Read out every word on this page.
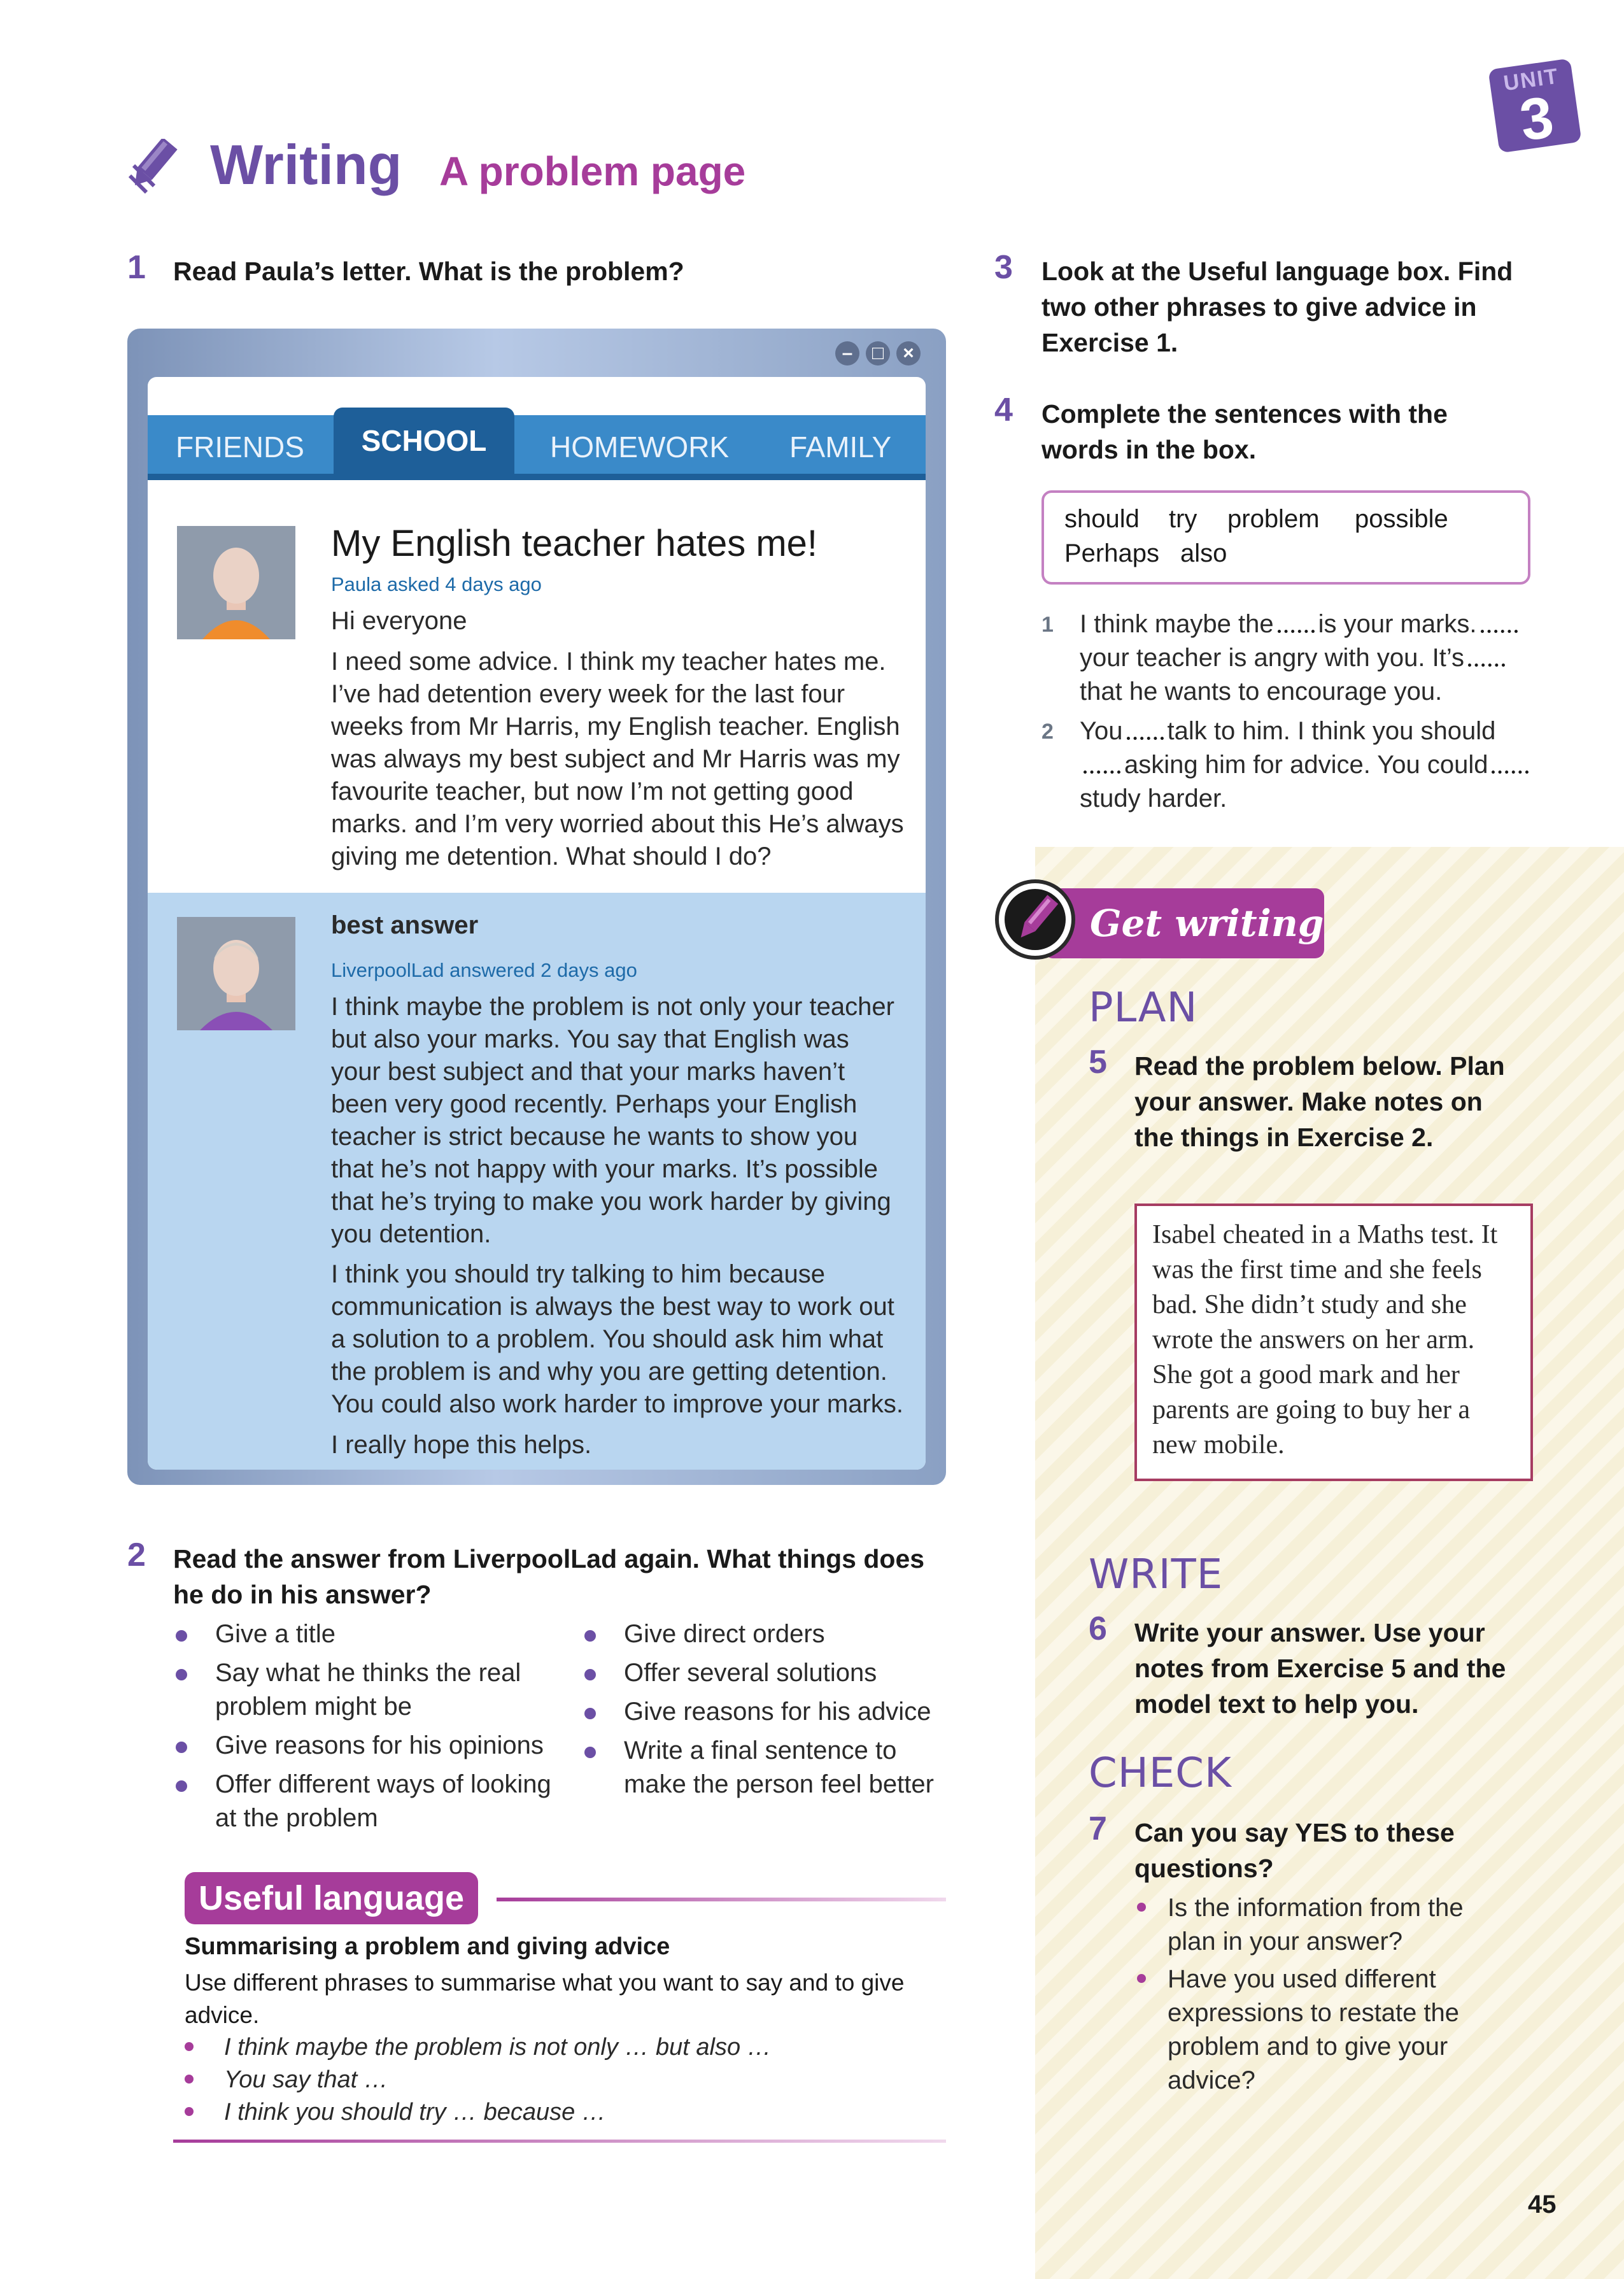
UNIT
3
Writing A problem page
1 Read Paula’s letter. What is the problem?
–	□	×
FRIENDS	SCHOOL	HOMEWORK FAMILY
My English teacher hates me!
Paula asked 4 days ago
Hi everyone
I need some advice. I think my teacher hates me. I’ve had detention every week for the last four weeks from Mr Harris, my English teacher. English was always my best subject and Mr Harris was my favourite teacher, but now I’m not getting good marks. and I’m very worried about this He’s always giving me detention. What should I do?
best answer
LiverpoolLad answered 2 days ago
I think maybe the problem is not only your teacher but also your marks. You say that English was your best subject and that your marks haven’t been very good recently. Perhaps your English teacher is strict because he wants to show you that he’s not happy with your marks. It’s possible that he’s trying to make you work harder by giving you detention.
I think you should try talking to him because communication is always the best way to work out a solution to a problem. You should ask him what the problem is and why you are getting detention. You could also work harder to improve your marks.
I really hope this helps.
2 Read the answer from LiverpoolLad again. What things does he do in his answer?
Give a title
Say what he thinks the real problem might be
Give reasons for his opinions
Offer different ways of looking at the problem
Give direct orders
Offer several solutions
Give reasons for his advice
Write a final sentence to make the person feel better
Useful language
Summarising a problem and giving advice
Use different phrases to summarise what you want to say and to give advice.
I think maybe the problem is not only … but also …
You say that …
I think you should try … because …
3 Look at the Useful language box. Find two other phrases to give advice in Exercise 1.
4 Complete the sentences with the words in the box.
should try problem possible
Perhaps also
1 I think maybe the is your marks. your teacher is angry with you. It’s that he wants to encourage you.
2 You talk to him. I think you should asking him for advice. You could study harder.
Get writing
PLAN
5 Read the problem below. Plan your answer. Make notes on the things in Exercise 2.
Isabel cheated in a Maths test. It was the first time and she feels bad. She didn’t study and she wrote the answers on her arm. She got a good mark and her parents are going to buy her a new mobile.
WRITE
6 Write your answer. Use your notes from Exercise 5 and the model text to help you.
CHECK
7 Can you say YES to these questions?
Is the information from the plan in your answer?
Have you used different expressions to restate the problem and to give your advice?
45
